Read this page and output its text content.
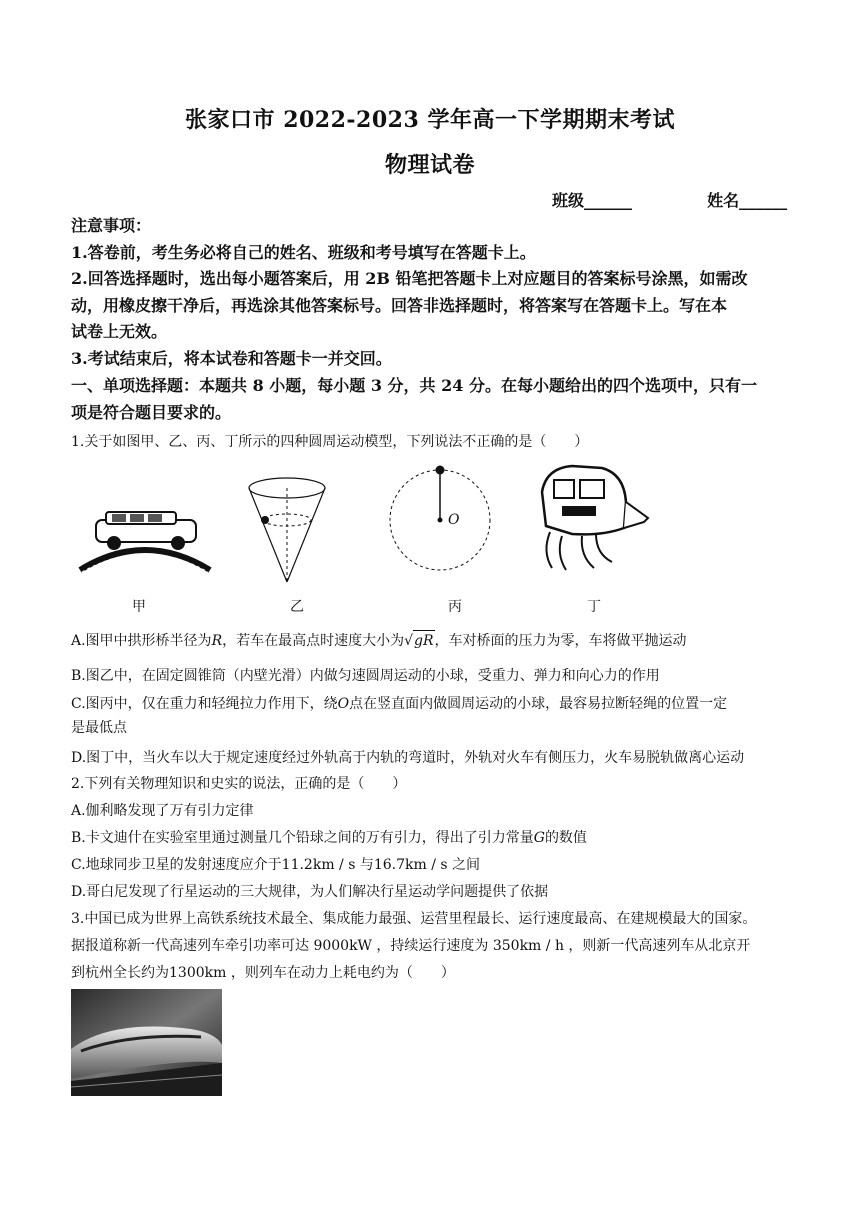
张家口市 2022-2023 学年高一下学期期末考试
物理试卷
班级______	姓名______
注意事项：
1.答卷前，考生务必将自己的姓名、班级和考号填写在答题卡上。
2.回答选择题时，选出每小题答案后，用 2B 铅笔把答题卡上对应题目的答案标号涂黑，如需改
动，用橡皮擦干净后，再选涂其他答案标号。回答非选择题时，将答案写在答题卡上。写在本
试卷上无效。
3.考试结束后，将本试卷和答题卡一并交回。
一、单项选择题：本题共 8 小题，每小题 3 分，共 24 分。在每小题给出的四个选项中，只有一
项是符合题目要求的。
1.关于如图甲、乙、丙、丁所示的四种圆周运动模型，下列说法不正确的是（　　）
O
甲	乙	丙	丁
A.图甲中拱形桥半径为R，若车在最高点时速度大小为√gR，车对桥面的压力为零，车将做平抛运动
B.图乙中，在固定圆锥筒（内壁光滑）内做匀速圆周运动的小球，受重力、弹力和向心力的作用
C.图丙中，仅在重力和轻绳拉力作用下，绕O点在竖直面内做圆周运动的小球，最容易拉断轻绳的位置一定
是最低点
D.图丁中，当火车以大于规定速度经过外轨高于内轨的弯道时，外轨对火车有侧压力，火车易脱轨做离心运动
2.下列有关物理知识和史实的说法，正确的是（　　）
A.伽利略发现了万有引力定律
B.卡文迪什在实验室里通过测量几个铅球之间的万有引力，得出了引力常量G的数值
C.地球同步卫星的发射速度应介于11.2km / s 与16.7km / s 之间
D.哥白尼发现了行星运动的三大规律，为人们解决行星运动学问题提供了依据
3.中国已成为世界上高铁系统技术最全、集成能力最强、运营里程最长、运行速度最高、在建规模最大的国家。
据报道称新一代高速列车牵引功率可达 9000kW ，持续运行速度为 350km / h ，则新一代高速列车从北京开
到杭州全长约为1300km ，则列车在动力上耗电约为（　　）
